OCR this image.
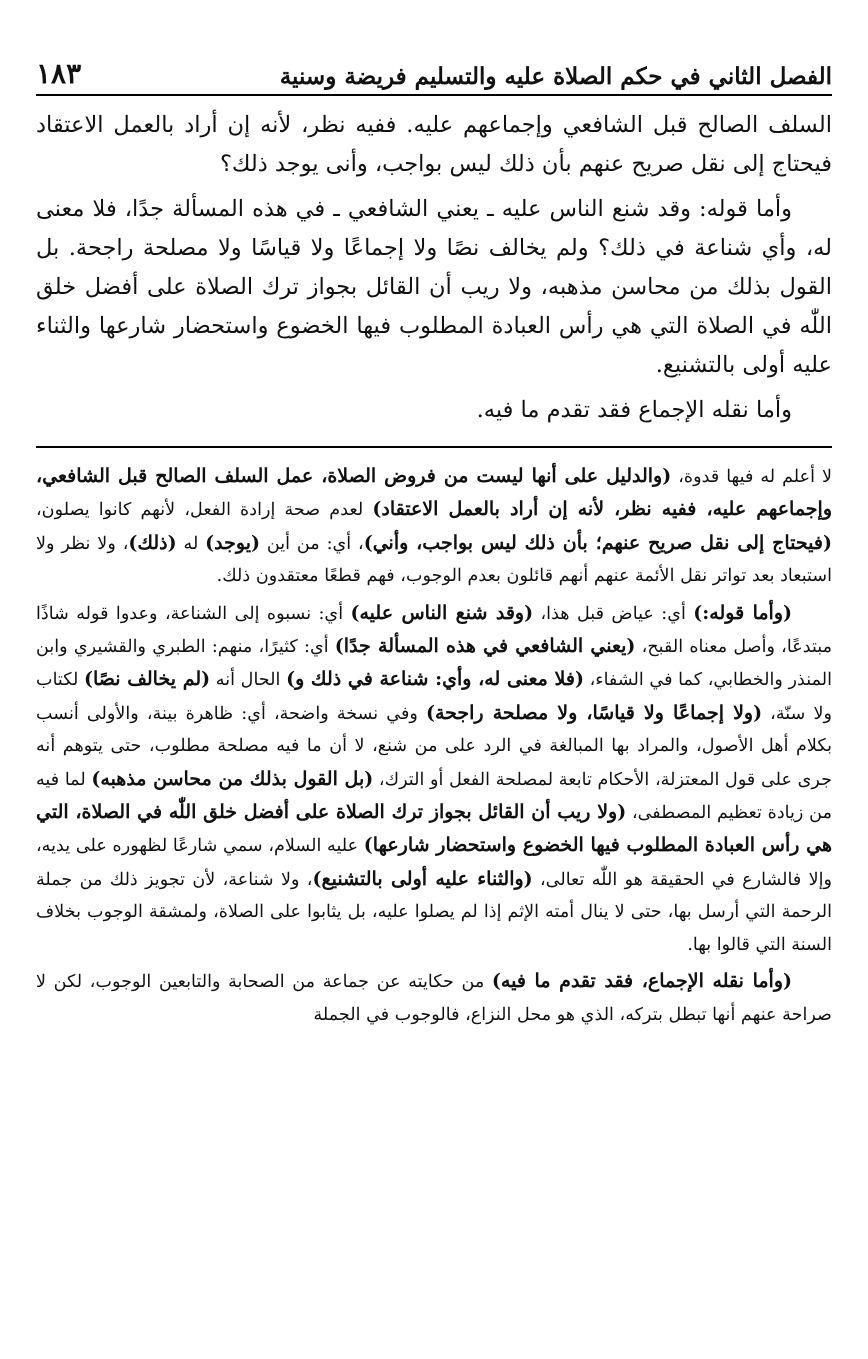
الفصل الثاني في حكم الصلاة عليه والتسليم فريضة وسنية
١٨٣

السلف الصالح قبل الشافعي وإجماعهم عليه. ففيه نظر، لأنه إن أراد بالعمل الاعتقاد فيحتاج إلى نقل صريح عنهم بأن ذلك ليس بواجب، وأنى يوجد ذلك؟

وأما قوله: وقد شنع الناس عليه ـ يعني الشافعي ـ في هذه المسألة جدًا، فلا معنى له، وأي شناعة في ذلك؟ ولم يخالف نصًا ولا إجماعًا ولا قياسًا ولا مصلحة راجحة. بل القول بذلك من محاسن مذهبه، ولا ريب أن القائل بجواز ترك الصلاة على أفضل خلق اللّٰه في الصلاة التي هي رأس العبادة المطلوب فيها الخضوع واستحضار شارعها والثناء عليه أولى بالتشنيع.

وأما نقله الإجماع فقد تقدم ما فيه.

لا أعلم له فيها قدوة، (والدليل على أنها ليست من فروض الصلاة، عمل السلف الصالح قبل الشافعي، وإجماعهم عليه، ففيه نظر، لأنه إن أراد بالعمل الاعتقاد) لعدم صحة إرادة الفعل، لأنهم كانوا يصلون، (فيحتاج إلى نقل صريح عنهم؛ بأن ذلك ليس بواجب، وأني)، أي: من أين (يوجد) له (ذلك)، ولا نظر ولا استبعاد بعد تواتر نقل الأئمة عنهم أنهم قائلون بعدم الوجوب، فهم قطعًا معتقدون ذلك.

(وأما قوله:) أي: عياض قبل هذا، (وقد شنع الناس عليه) أي: نسبوه إلى الشناعة، وعدوا قوله شاذًا مبتدعًا، وأصل معناه القبح، (يعني الشافعي في هذه المسألة جدًا) أي: كثيرًا، منهم: الطبري والقشيري وابن المنذر والخطابي، كما في الشفاء، (فلا معنى له، وأي: شناعة في ذلك و) الحال أنه (لم يخالف نصًا) لكتاب ولا سنّة، (ولا إجماعًا ولا قياسًا، ولا مصلحة راجحة) وفي نسخة واضحة، أي: ظاهرة بينة، والأولى أنسب بكلام أهل الأصول، والمراد بها المبالغة في الرد على من شنع، لا أن ما فيه مصلحة مطلوب، حتى يتوهم أنه جرى على قول المعتزلة، الأحكام تابعة لمصلحة الفعل أو الترك، (بل القول بذلك من محاسن مذهبه) لما فيه من زيادة تعظيم المصطفى، (ولا ريب أن القائل بجواز ترك الصلاة على أفضل خلق اللّٰه في الصلاة، التي هي رأس العبادة المطلوب فيها الخضوع واستحضار شارعها) عليه السلام، سمي شارعًا لظهوره على يديه، وإلا فالشارع في الحقيقة هو اللّٰه تعالى، (والثناء عليه أولى بالتشنيع)، ولا شناعة، لأن تجويز ذلك من جملة الرحمة التي أرسل بها، حتى لا ينال أمته الإثم إذا لم يصلوا عليه، بل يثابوا على الصلاة، ولمشقة الوجوب بخلاف السنة التي قالوا بها.

(وأما نقله الإجماع، فقد تقدم ما فيه) من حكايته عن جماعة من الصحابة والتابعين الوجوب، لكن لا صراحة عنهم أنها تبطل بتركه، الذي هو محل النزاع، فالوجوب في الجملة
